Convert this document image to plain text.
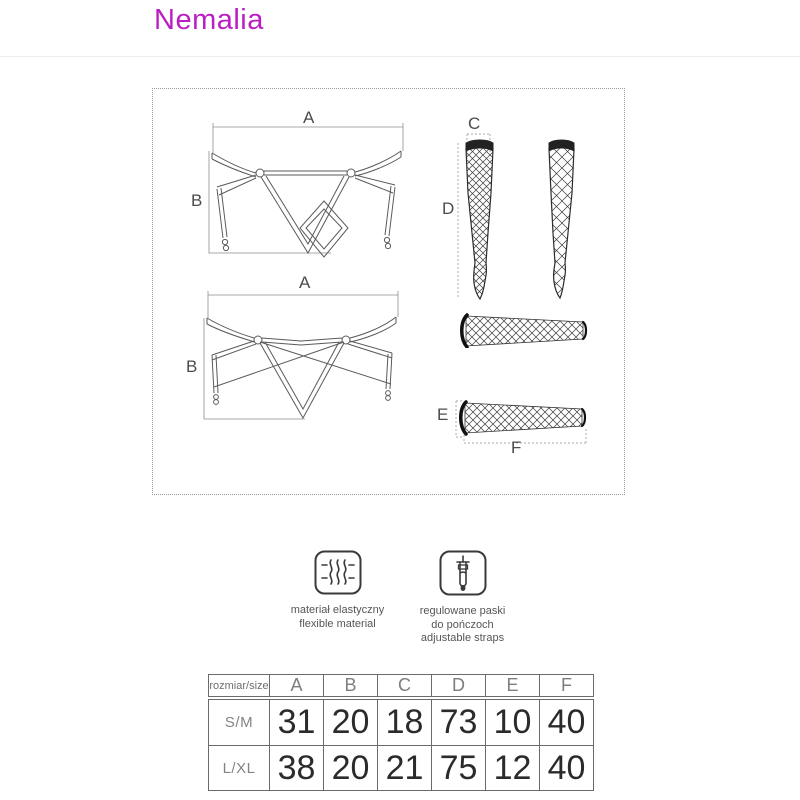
Nemalia
A
B
A
B
C
D
E
F
materiał elastyczny
flexible material
regulowane paski
do pończoch
adjustable straps
rozmiar/size	A	B	C	D	E	F
S/M 31 20 18 73 10 40
L/XL 38 20 21 75 12 40
